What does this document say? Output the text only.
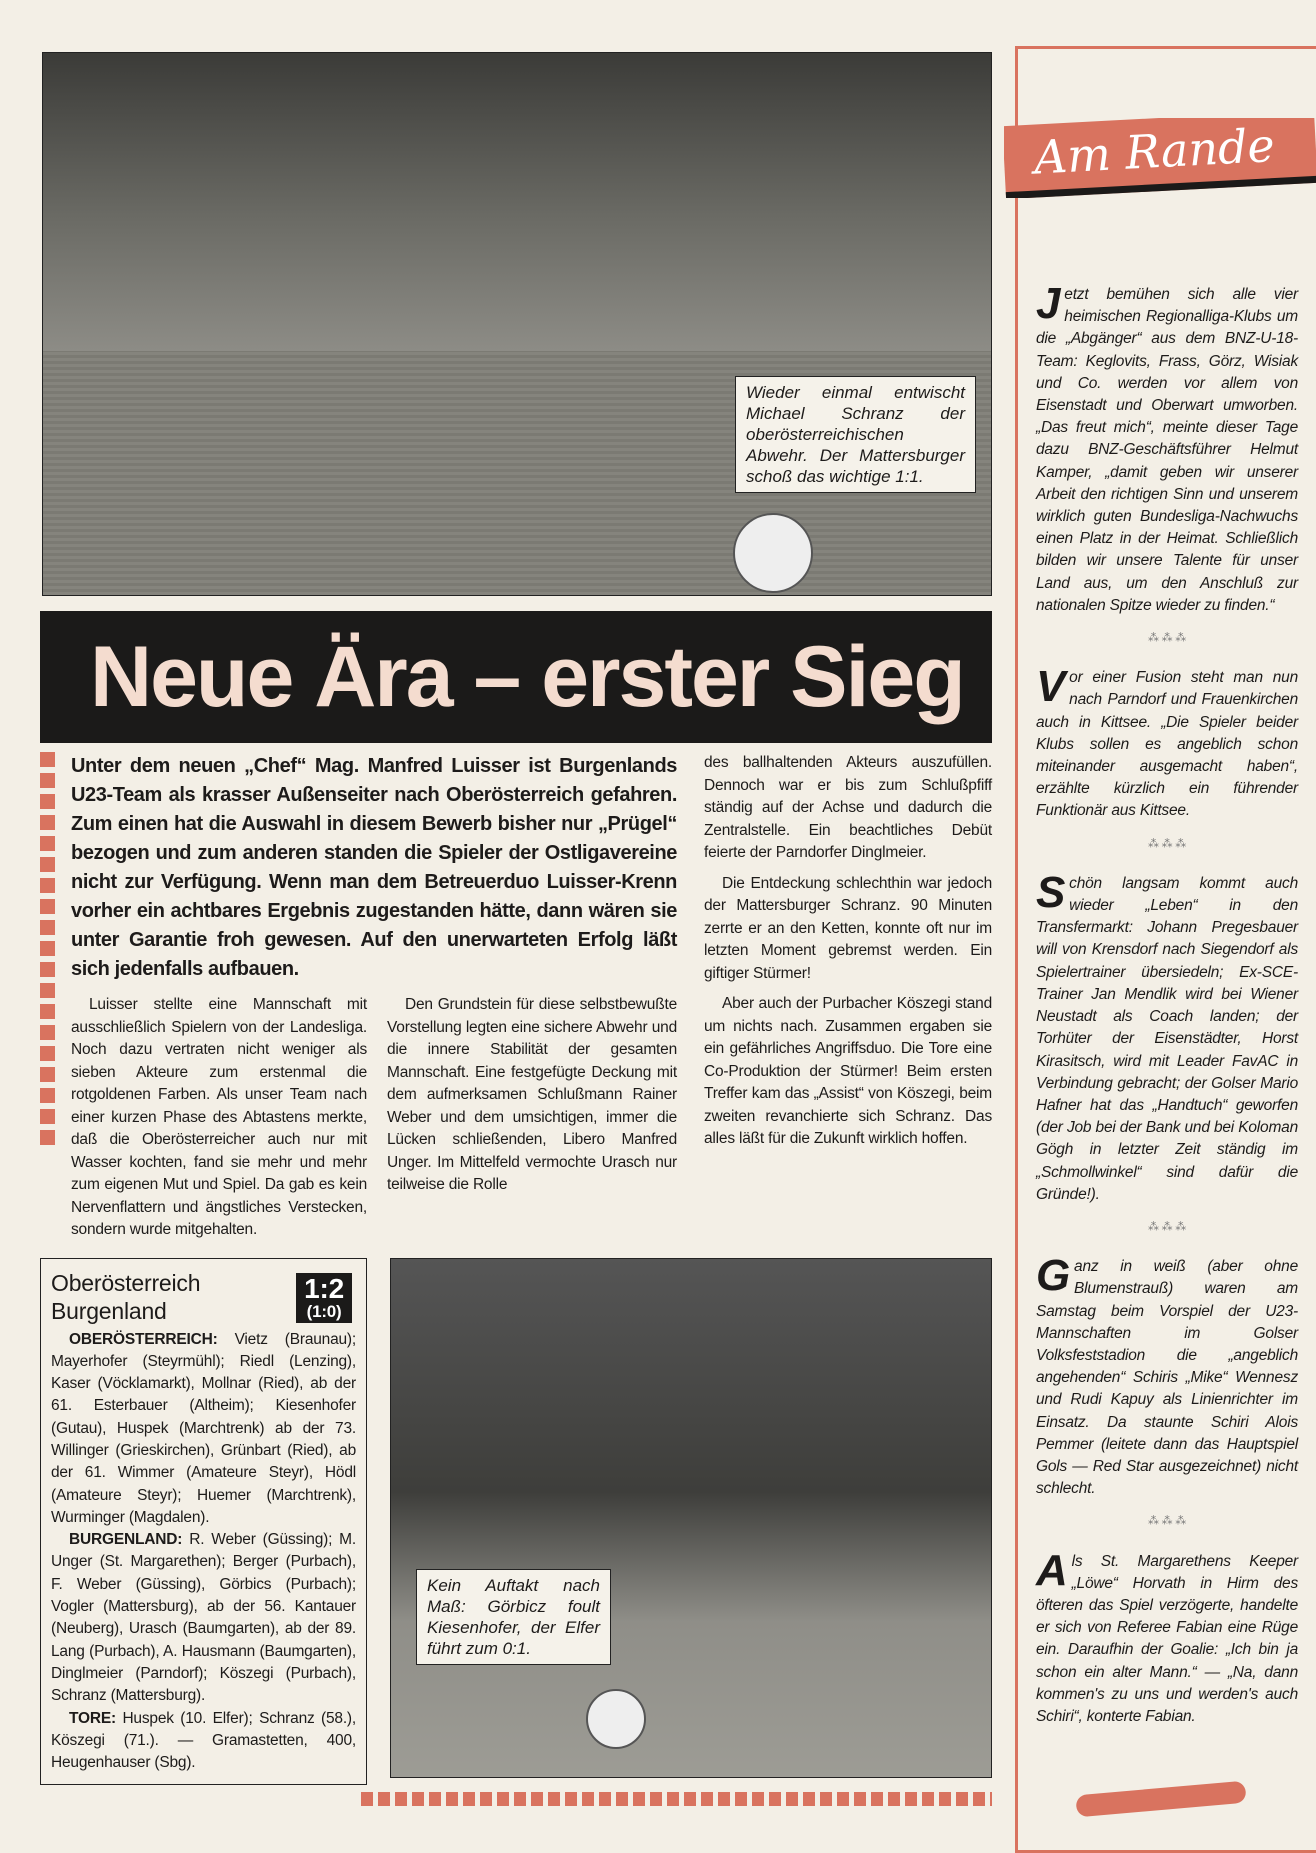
Wieder einmal entwischt Michael Schranz der oberösterreichischen Abwehr. Der Mattersburger schoß das wichtige 1:1.
Neue Ära – erster Sieg
Unter dem neuen „Chef“ Mag. Manfred Luisser ist Burgenlands U23-Team als krasser Außenseiter nach Oberösterreich gefahren. Zum einen hat die Auswahl in diesem Bewerb bisher nur „Prügel“ bezogen und zum anderen standen die Spieler der Ostligavereine nicht zur Verfügung. Wenn man dem Betreuerduo Luisser-Krenn vorher ein achtbares Ergebnis zugestanden hätte, dann wären sie unter Garantie froh gewesen. Auf den unerwarteten Erfolg läßt sich jedenfalls aufbauen.

Luisser stellte eine Mannschaft mit ausschließlich Spielern von der Landesliga. Noch dazu vertraten nicht weniger als sieben Akteure zum erstenmal die rotgoldenen Farben. Als unser Team nach einer kurzen Phase des Abtastens merkte, daß die Oberösterreicher auch nur mit Wasser kochten, fand sie mehr und mehr zum eigenen Mut und Spiel. Da gab es kein Nervenflattern und ängstliches Verstecken, sondern wurde mitgehalten.

Den Grundstein für diese selbstbewußte Vorstellung legten eine sichere Abwehr und die innere Stabilität der gesamten Mannschaft. Eine festgefügte Deckung mit dem aufmerksamen Schlußmann Rainer Weber und dem umsichtigen, immer die Lücken schließenden, Libero Manfred Unger. Im Mittelfeld vermochte Urasch nur teilweise die Rolle

des ballhaltenden Akteurs auszufüllen. Dennoch war er bis zum Schlußpfiff ständig auf der Achse und dadurch die Zentralstelle. Ein beachtliches Debüt feierte der Parndorfer Dinglmeier.

Die Entdeckung schlechthin war jedoch der Mattersburger Schranz. 90 Minuten zerrte er an den Ketten, konnte oft nur im letzten Moment gebremst werden. Ein giftiger Stürmer!

Aber auch der Purbacher Köszegi stand um nichts nach. Zusammen ergaben sie ein gefährliches Angriffsduo. Die Tore eine Co-Produktion der Stürmer! Beim ersten Treffer kam das „Assist“ von Köszegi, beim zweiten revanchierte sich Schranz. Das alles läßt für die Zukunft wirklich hoffen.

Oberösterreich
Burgenland
1:2
(1:0)

OBERÖSTERREICH: Vietz (Braunau); Mayerhofer (Steyrmühl); Riedl (Lenzing), Kaser (Vöcklamarkt), Mollnar (Ried), ab der 61. Esterbauer (Altheim); Kiesenhofer (Gutau), Huspek (Marchtrenk) ab der 73. Willinger (Grieskirchen), Grünbart (Ried), ab der 61. Wimmer (Amateure Steyr), Hödl (Amateure Steyr); Huemer (Marchtrenk), Wurminger (Magdalen).

BURGENLAND: R. Weber (Güssing); M. Unger (St. Margarethen); Berger (Purbach), F. Weber (Güssing), Görbics (Purbach); Vogler (Mattersburg), ab der 56. Kantauer (Neuberg), Urasch (Baumgarten), ab der 89. Lang (Purbach), A. Hausmann (Baumgarten), Dinglmeier (Parndorf); Köszegi (Purbach), Schranz (Mattersburg).

TORE: Huspek (10. Elfer); Schranz (58.), Köszegi (71.). — Gramastetten, 400, Heugenhauser (Sbg).

Kein Auftakt nach Maß: Görbicz foult Kiesenhofer, der Elfer führt zum 0:1.

Jetzt bemühen sich alle vier heimischen Regionalliga-Klubs um die „Abgänger“ aus dem BNZ-U-18-Team: Keglovits, Frass, Görz, Wisiak und Co. werden vor allem von Eisenstadt und Oberwart umworben. „Das freut mich“, meinte dieser Tage dazu BNZ-Geschäftsführer Helmut Kamper, „damit geben wir unserer Arbeit den richtigen Sinn und unserem wirklich guten Bundesliga-Nachwuchs einen Platz in der Heimat. Schließlich bilden wir unsere Talente für unser Land aus, um den Anschluß zur nationalen Spitze wieder zu finden.“

⁂ ⁂ ⁂

Vor einer Fusion steht man nun nach Parndorf und Frauenkirchen auch in Kittsee. „Die Spieler beider Klubs sollen es angeblich schon miteinander ausgemacht haben“, erzählte kürzlich ein führender Funktionär aus Kittsee.

⁂ ⁂ ⁂

Schön langsam kommt auch wieder „Leben“ in den Transfermarkt: Johann Pregesbauer will von Krensdorf nach Siegendorf als Spielertrainer übersiedeln; Ex-SCE-Trainer Jan Mendlik wird bei Wiener Neustadt als Coach landen; der Torhüter der Eisenstädter, Horst Kirasitsch, wird mit Leader FavAC in Verbindung gebracht; der Golser Mario Hafner hat das „Handtuch“ geworfen (der Job bei der Bank und bei Koloman Gögh in letzter Zeit ständig im „Schmollwinkel“ sind dafür die Gründe!).

⁂ ⁂ ⁂

Ganz in weiß (aber ohne Blumenstrauß) waren am Samstag beim Vorspiel der U23-Mannschaften im Golser Volksfeststadion die „angeblich angehenden“ Schiris „Mike“ Wennesz und Rudi Kapuy als Linienrichter im Einsatz. Da staunte Schiri Alois Pemmer (leitete dann das Hauptspiel Gols — Red Star ausgezeichnet) nicht schlecht.

⁂ ⁂ ⁂

Als St. Margarethens Keeper „Löwe“ Horvath in Hirm des öfteren das Spiel verzögerte, handelte er sich von Referee Fabian eine Rüge ein. Daraufhin der Goalie: „Ich bin ja schon ein alter Mann.“ — „Na, dann kommen's zu uns und werden's auch Schiri“, konterte Fabian.

Am Rande
